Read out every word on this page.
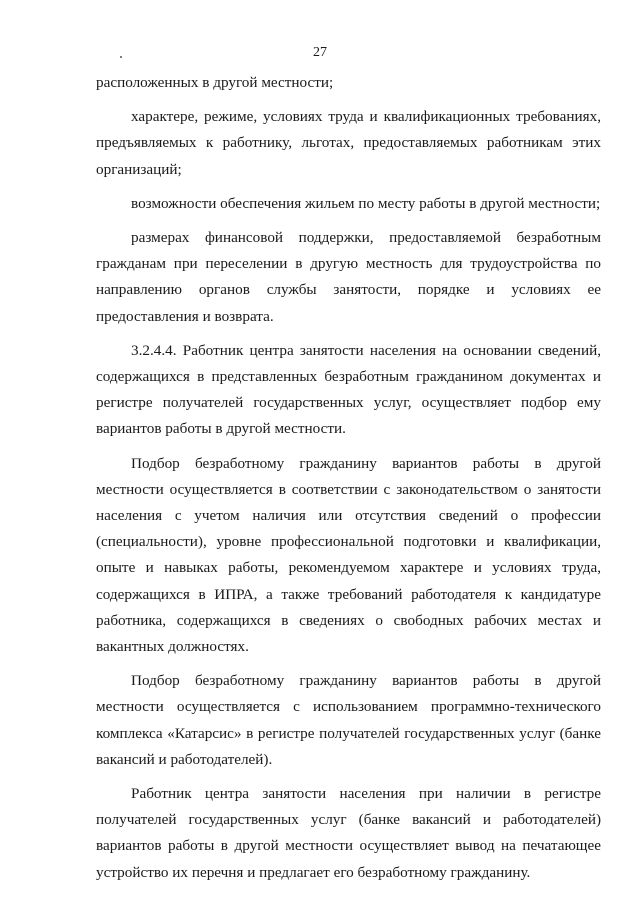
27

расположенных в другой местности;

характере, режиме, условиях труда и квалификационных требованиях, предъявляемых к работнику, льготах, предоставляемых работникам этих организаций;

возможности обеспечения жильем по месту работы в другой местности;

размерах финансовой поддержки, предоставляемой безработным гражданам при переселении в другую местность для трудоустройства по направлению органов службы занятости, порядке и условиях ее предоставления и возврата.

3.2.4.4. Работник центра занятости населения на основании сведений, содержащихся в представленных безработным гражданином документах и регистре получателей государственных услуг, осуществляет подбор ему вариантов работы в другой местности.

Подбор безработному гражданину вариантов работы в другой местности осуществляется в соответствии с законодательством о занятости населения с учетом наличия или отсутствия сведений о профессии (специальности), уровне профессиональной подготовки и квалификации, опыте и навыках работы, рекомендуемом характере и условиях труда, содержащихся в ИПРА, а также требований работодателя к кандидатуре работника, содержащихся в сведениях о свободных рабочих местах и вакантных должностях.

Подбор безработному гражданину вариантов работы в другой местности осуществляется с использованием программно-технического комплекса «Катарсис» в регистре получателей государственных услуг (банке вакансий и работодателей).

Работник центра занятости населения при наличии в регистре получателей государственных услуг (банке вакансий и работодателей) вариантов работы в другой местности осуществляет вывод на печатающее устройство их перечня и предлагает его безработному гражданину.
